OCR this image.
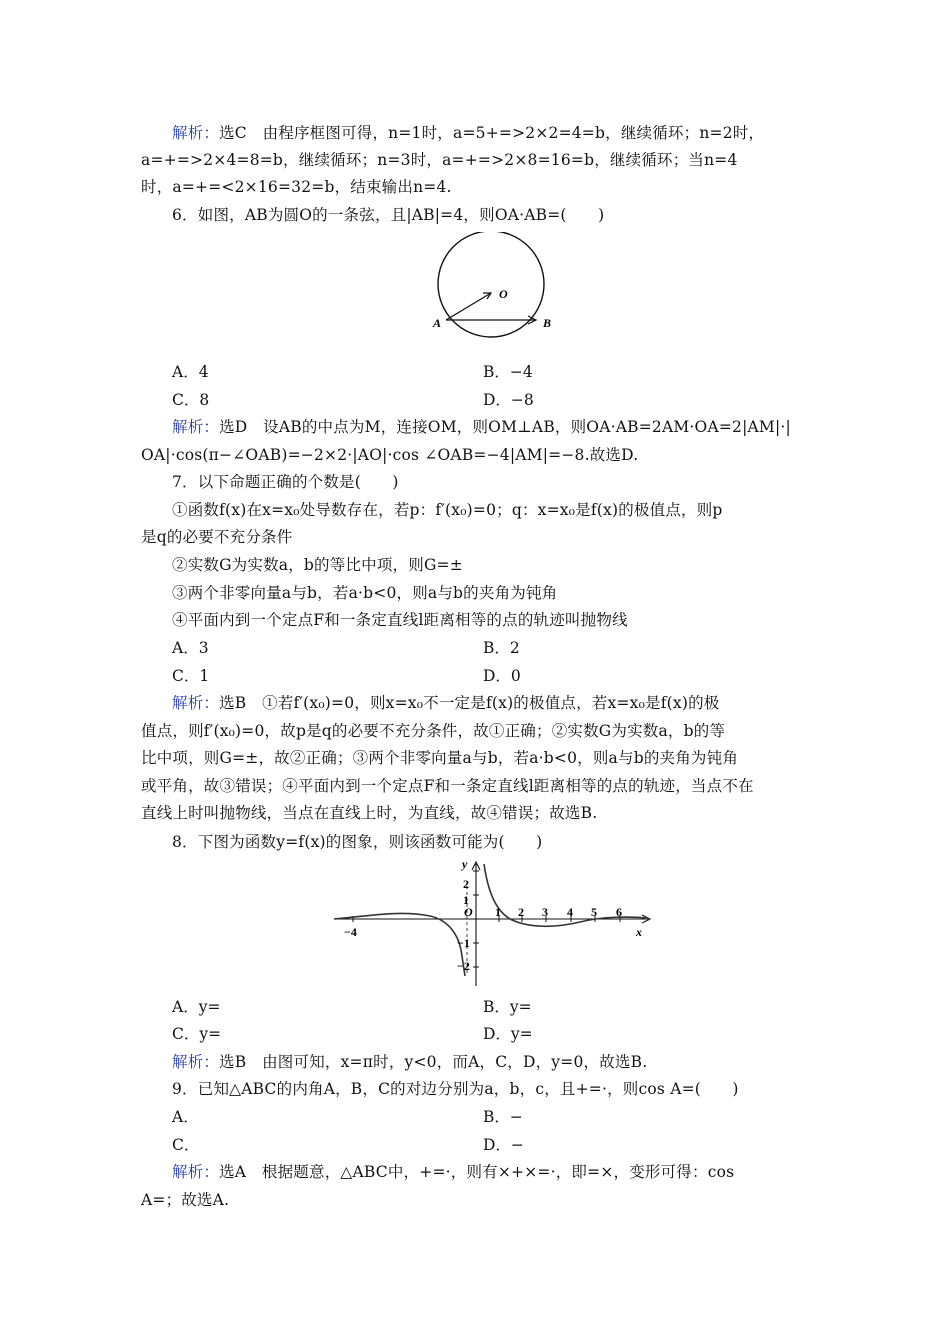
解析：选C　由程序框图可得，n=1时，a=5+=>2×2=4=b，继续循环；n=2时，
a=+=>2×4=8=b，继续循环；n=3时，a=+=>2×8=16=b，继续循环；当n=4
时，a=+=<2×16=32=b，结束输出n=4.
6．如图，AB为圆O的一条弦，且|AB|=4，则OA·AB=(　　)
O
A	B
A．4	B．−4
C．8	D．−8
解析：选D　设AB的中点为M，连接OM，则OM⊥AB，则OA·AB=2AM·OA=2|AM|·|
OA|·cos(π−∠OAB)=−2×2·|AO|·cos ∠OAB=−4|AM|=−8.故选D.
7．以下命题正确的个数是(　　)
①函数f(x)在x=x₀处导数存在，若p：f′(x₀)=0；q：x=x₀是f(x)的极值点，则p
是q的必要不充分条件
②实数G为实数a，b的等比中项，则G=±
③两个非零向量a与b，若a·b<0，则a与b的夹角为钝角
④平面内到一个定点F和一条定直线l距离相等的点的轨迹叫抛物线
A．3	B．2
C．1	D．0
解析：选B　①若f′(x₀)=0，则x=x₀不一定是f(x)的极值点，若x=x₀是f(x)的极
值点，则f′(x₀)=0，故p是q的必要不充分条件，故①正确；②实数G为实数a，b的等
比中项，则G=±，故②正确；③两个非零向量a与b，若a·b<0，则a与b的夹角为钝角
或平角，故③错误；④平面内到一个定点F和一条定直线l距离相等的点的轨迹，当点不在
直线上时叫抛物线，当点在直线上时，为直线，故④错误；故选B.
8．下图为函数y=f(x)的图象，则该函数可能为(　　)
y
x
O
−4
1 2 3 4 5 6
2
1
−1
−2
A．y=	B．y=
C．y=	D．y=
解析：选B　由图可知，x=π时，y<0，而A，C，D，y=0，故选B.
9．已知△ABC的内角A，B，C的对边分别为a，b，c，且+=·，则cos A=(　　)
A．	B．−
C．	D．−
解析：选A　根据题意，△ABC中，+=·，则有×+×=·，即=×，变形可得：cos
A=；故选A.
